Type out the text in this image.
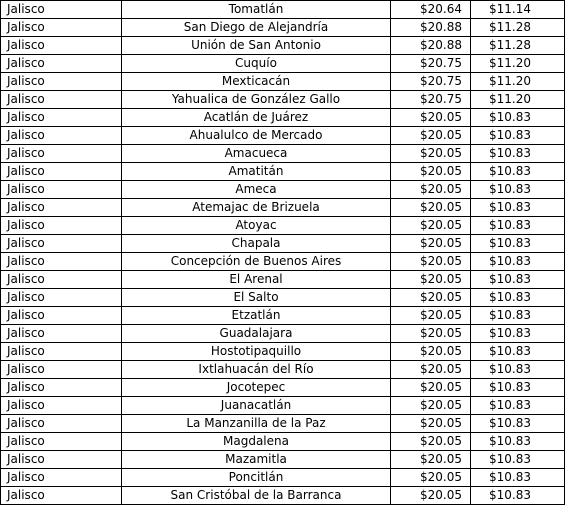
Jalisco	Tomatlán	$20.64	$11.14
Jalisco	San Diego de Alejandría	$20.88	$11.28
Jalisco	Unión de San Antonio	$20.88	$11.28
Jalisco	Cuquío	$20.75	$11.20
Jalisco	Mexticacán	$20.75	$11.20
Jalisco	Yahualica de González Gallo	$20.75	$11.20
Jalisco	Acatlán de Juárez	$20.05	$10.83
Jalisco	Ahualulco de Mercado	$20.05	$10.83
Jalisco	Amacueca	$20.05	$10.83
Jalisco	Amatitán	$20.05	$10.83
Jalisco	Ameca	$20.05	$10.83
Jalisco	Atemajac de Brizuela	$20.05	$10.83
Jalisco	Atoyac	$20.05	$10.83
Jalisco	Chapala	$20.05	$10.83
Jalisco	Concepción de Buenos Aires	$20.05	$10.83
Jalisco	El Arenal	$20.05	$10.83
Jalisco	El Salto	$20.05	$10.83
Jalisco	Etzatlán	$20.05	$10.83
Jalisco	Guadalajara	$20.05	$10.83
Jalisco	Hostotipaquillo	$20.05	$10.83
Jalisco	Ixtlahuacán del Río	$20.05	$10.83
Jalisco	Jocotepec	$20.05	$10.83
Jalisco	Juanacatlán	$20.05	$10.83
Jalisco	La Manzanilla de la Paz	$20.05	$10.83
Jalisco	Magdalena	$20.05	$10.83
Jalisco	Mazamitla	$20.05	$10.83
Jalisco	Poncitlán	$20.05	$10.83
Jalisco	San Cristóbal de la Barranca	$20.05	$10.83
